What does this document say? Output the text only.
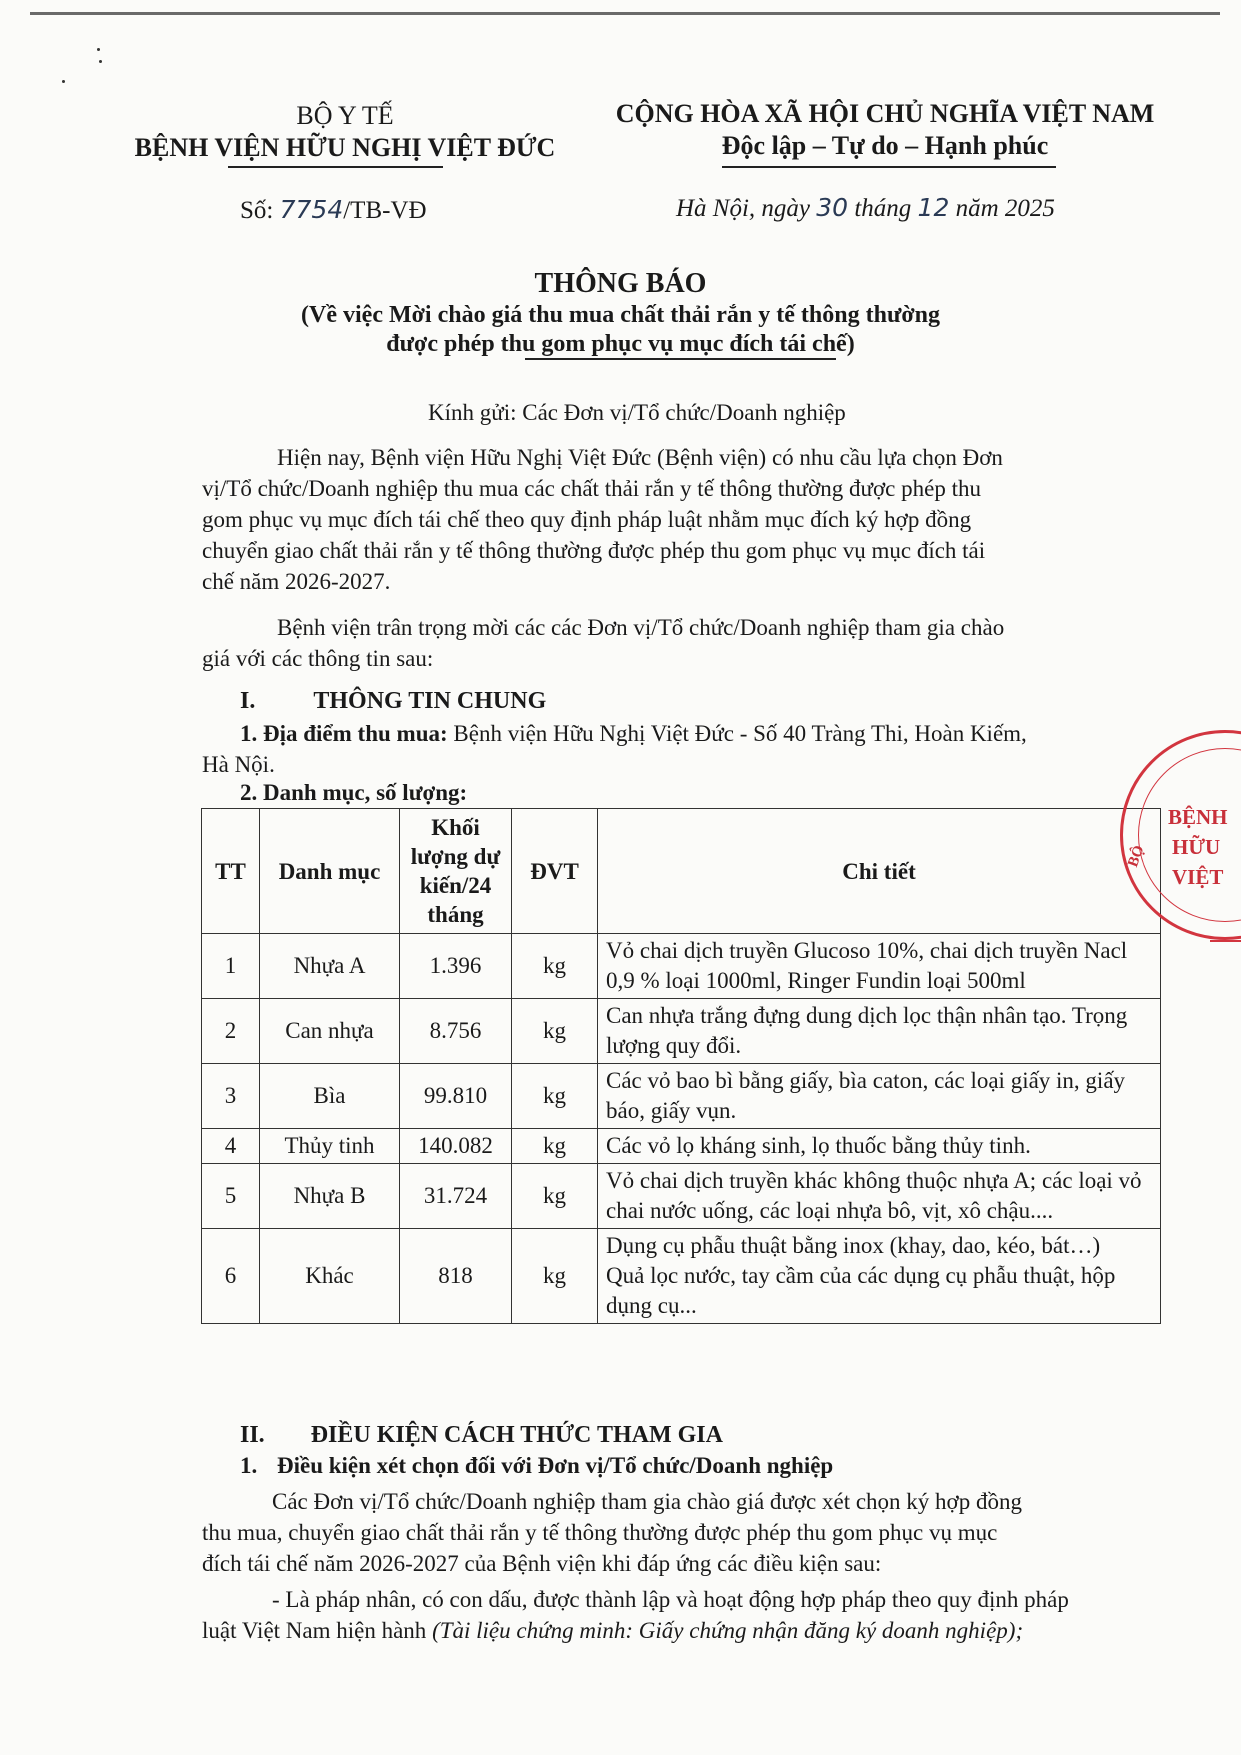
BỘ Y TẾ
BỆNH VIỆN HỮU NGHỊ VIỆT ĐỨC
CỘNG HÒA XÃ HỘI CHỦ NGHĨA VIỆT NAM
Độc lập – Tự do – Hạnh phúc
Số: 7754/TB-VĐ	Hà Nội, ngày 30 tháng 12 năm 2025
THÔNG BÁO
(Về việc Mời chào giá thu mua chất thải rắn y tế thông thường
được phép thu gom phục vụ mục đích tái chế)
Kính gửi: Các Đơn vị/Tổ chức/Doanh nghiệp
Hiện nay, Bệnh viện Hữu Nghị Việt Đức (Bệnh viện) có nhu cầu lựa chọn Đơn
vị/Tổ chức/Doanh nghiệp thu mua các chất thải rắn y tế thông thường được phép thu
gom phục vụ mục đích tái chế theo quy định pháp luật nhằm mục đích ký hợp đồng
chuyển giao chất thải rắn y tế thông thường được phép thu gom phục vụ mục đích tái
chế năm 2026-2027.
Bệnh viện trân trọng mời các các Đơn vị/Tổ chức/Doanh nghiệp tham gia chào
giá với các thông tin sau:
I. THÔNG TIN CHUNG
1. Địa điểm thu mua: Bệnh viện Hữu Nghị Việt Đức - Số 40 Tràng Thi, Hoàn Kiếm,
Hà Nội.
2. Danh mục, số lượng:
TT	Danh mục	Khối lượng dự kiến/24 tháng	ĐVT	Chi tiết
1	Nhựa A	1.396	kg	Vỏ chai dịch truyền Glucoso 10%, chai dịch truyền Nacl 0,9 % loại 1000ml, Ringer Fundin loại 500ml
2	Can nhựa	8.756	kg	Can nhựa trắng đựng dung dịch lọc thận nhân tạo. Trọng lượng quy đổi.
3	Bìa	99.810	kg	Các vỏ bao bì bằng giấy, bìa caton, các loại giấy in, giấy báo, giấy vụn.
4	Thủy tinh	140.082	kg	Các vỏ lọ kháng sinh, lọ thuốc bằng thủy tinh.
5	Nhựa B	31.724	kg	Vỏ chai dịch truyền khác không thuộc nhựa A; các loại vỏ chai nước uống, các loại nhựa bô, vịt, xô chậu....
6	Khác	818	kg	Dụng cụ phẫu thuật bằng inox (khay, dao, kéo, bát…)
Quả lọc nước, tay cầm của các dụng cụ phẫu thuật, hộp dụng cụ...
II. ĐIỀU KIỆN CÁCH THỨC THAM GIA
1. Điều kiện xét chọn đối với Đơn vị/Tổ chức/Doanh nghiệp
Các Đơn vị/Tổ chức/Doanh nghiệp tham gia chào giá được xét chọn ký hợp đồng
thu mua, chuyển giao chất thải rắn y tế thông thường được phép thu gom phục vụ mục
đích tái chế năm 2026-2027 của Bệnh viện khi đáp ứng các điều kiện sau:
- Là pháp nhân, có con dấu, được thành lập và hoạt động hợp pháp theo quy định pháp
luật Việt Nam hiện hành (Tài liệu chứng minh: Giấy chứng nhận đăng ký doanh nghiệp);
BỆNH
HỮU
VIỆT
BỘ
